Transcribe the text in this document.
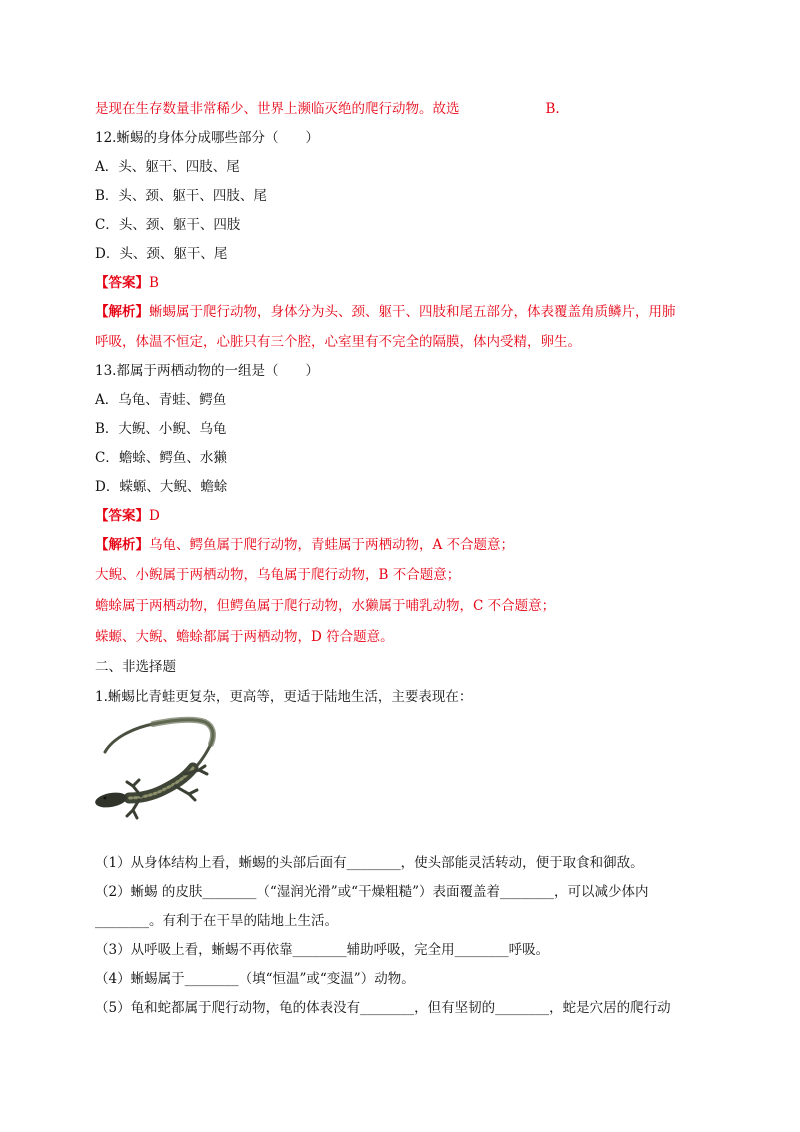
是现在生存数量非常稀少、世界上濒临灭绝的爬行动物。故选	B.
12.蜥蜴的身体分成哪些部分（　　）
A．头、躯干、四肢、尾
B．头、颈、躯干、四肢、尾
C．头、颈、躯干、四肢
D．头、颈、躯干、尾
【答案】B
【解析】蜥蜴属于爬行动物，身体分为头、颈、躯干、四肢和尾五部分，体表覆盖角质鳞片，用肺
呼吸，体温不恒定，心脏只有三个腔，心室里有不完全的隔膜，体内受精，卵生。
13.都属于两栖动物的一组是（　　）
A．乌龟、青蛙、鳄鱼
B．大鲵、小鲵、乌龟
C．蟾蜍、鳄鱼、水獭
D．蝾螈、大鲵、蟾蜍
【答案】D
【解析】乌龟、鳄鱼属于爬行动物，青蛙属于两栖动物，A 不合题意；
大鲵、小鲵属于两栖动物，乌龟属于爬行动物，B 不合题意；
蟾蜍属于两栖动物，但鳄鱼属于爬行动物，水獭属于哺乳动物，C 不合题意；
蝾螈、大鲵、蟾蜍都属于两栖动物，D 符合题意。
二、非选择题
1.蜥蜴比青蛙更复杂，更高等，更适于陆地生活，主要表现在：
（1）从身体结构上看，蜥蜴的头部后面有________，使头部能灵活转动，便于取食和御敌。
（2）蜥蜴 的皮肤________（“湿润光滑”或“干燥粗糙”）表面覆盖着________，可以减少体内
________。有利于在干旱的陆地上生活。
（3）从呼吸上看，蜥蜴不再依靠________辅助呼吸，完全用________呼吸。
（4）蜥蜴属于________（填“恒温”或“变温”）动物。
（5）龟和蛇都属于爬行动物，龟的体表没有________，但有坚韧的________，蛇是穴居的爬行动
